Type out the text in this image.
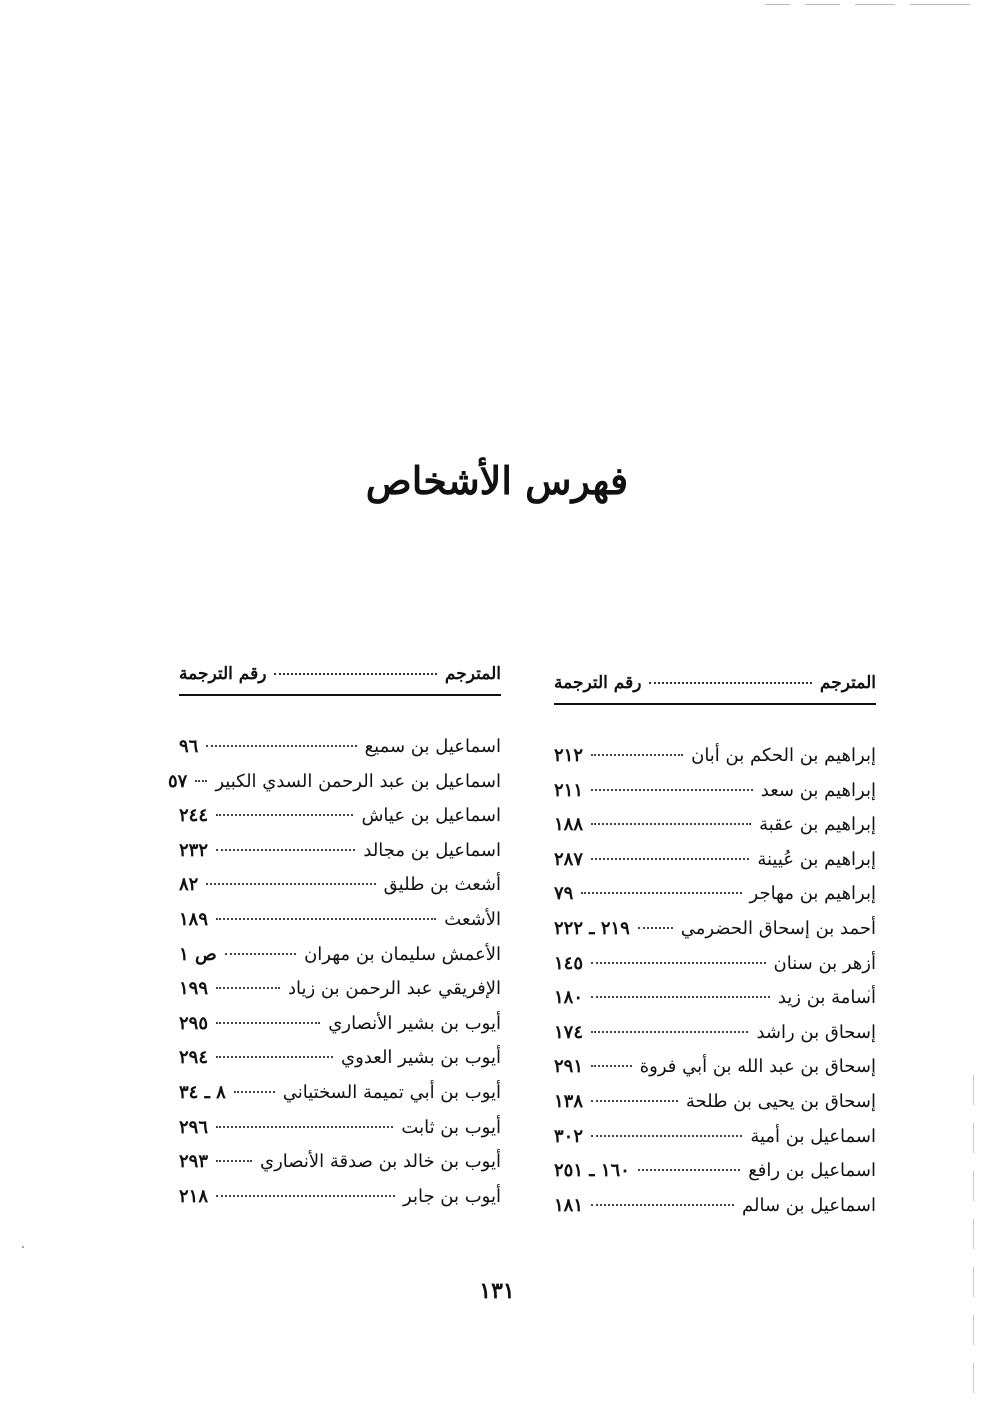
فهرس الأشخاص
المترجم
رقم الترجمة
إبراهيم بن الحكم بن أبان
٢١٢
إبراهيم بن سعد
٢١١
إبراهيم بن عقبة
١٨٨
إبراهيم بن عُيينة
٢٨٧
إبراهيم بن مهاجر
٧٩
أحمد بن إسحاق الحضرمي
٢١٩ ـ ٢٢٢
أزهر بن سنان
١٤٥
أسامة بن زيد
١٨٠
إسحاق بن راشد
١٧٤
إسحاق بن عبد الله بن أبي فروة
٢٩١
إسحاق بن يحيى بن طلحة
١٣٨
اسماعيل بن أمية
٣٠٢
اسماعيل بن رافع
١٦٠ ـ ٢٥١
اسماعيل بن سالم
١٨١
المترجم
رقم الترجمة
اسماعيل بن سميع
٩٦
اسماعيل بن عبد الرحمن السدي الكبير
٥٧
اسماعيل بن عياش
٢٤٤
اسماعيل بن مجالد
٢٣٢
أشعث بن طليق
٨٢
الأشعث
١٨٩
الأعمش سليمان بن مهران
ص ١
الإفريقي عبد الرحمن بن زياد
١٩٩
أيوب بن بشير الأنصاري
٢٩٥
أيوب بن بشير العدوي
٢٩٤
أيوب بن أبي تميمة السختياني
٨ ـ ٣٤
أيوب بن ثابت
٢٩٦
أيوب بن خالد بن صدقة الأنصاري
٢٩٣
أيوب بن جابر
٢١٨
١٣١
